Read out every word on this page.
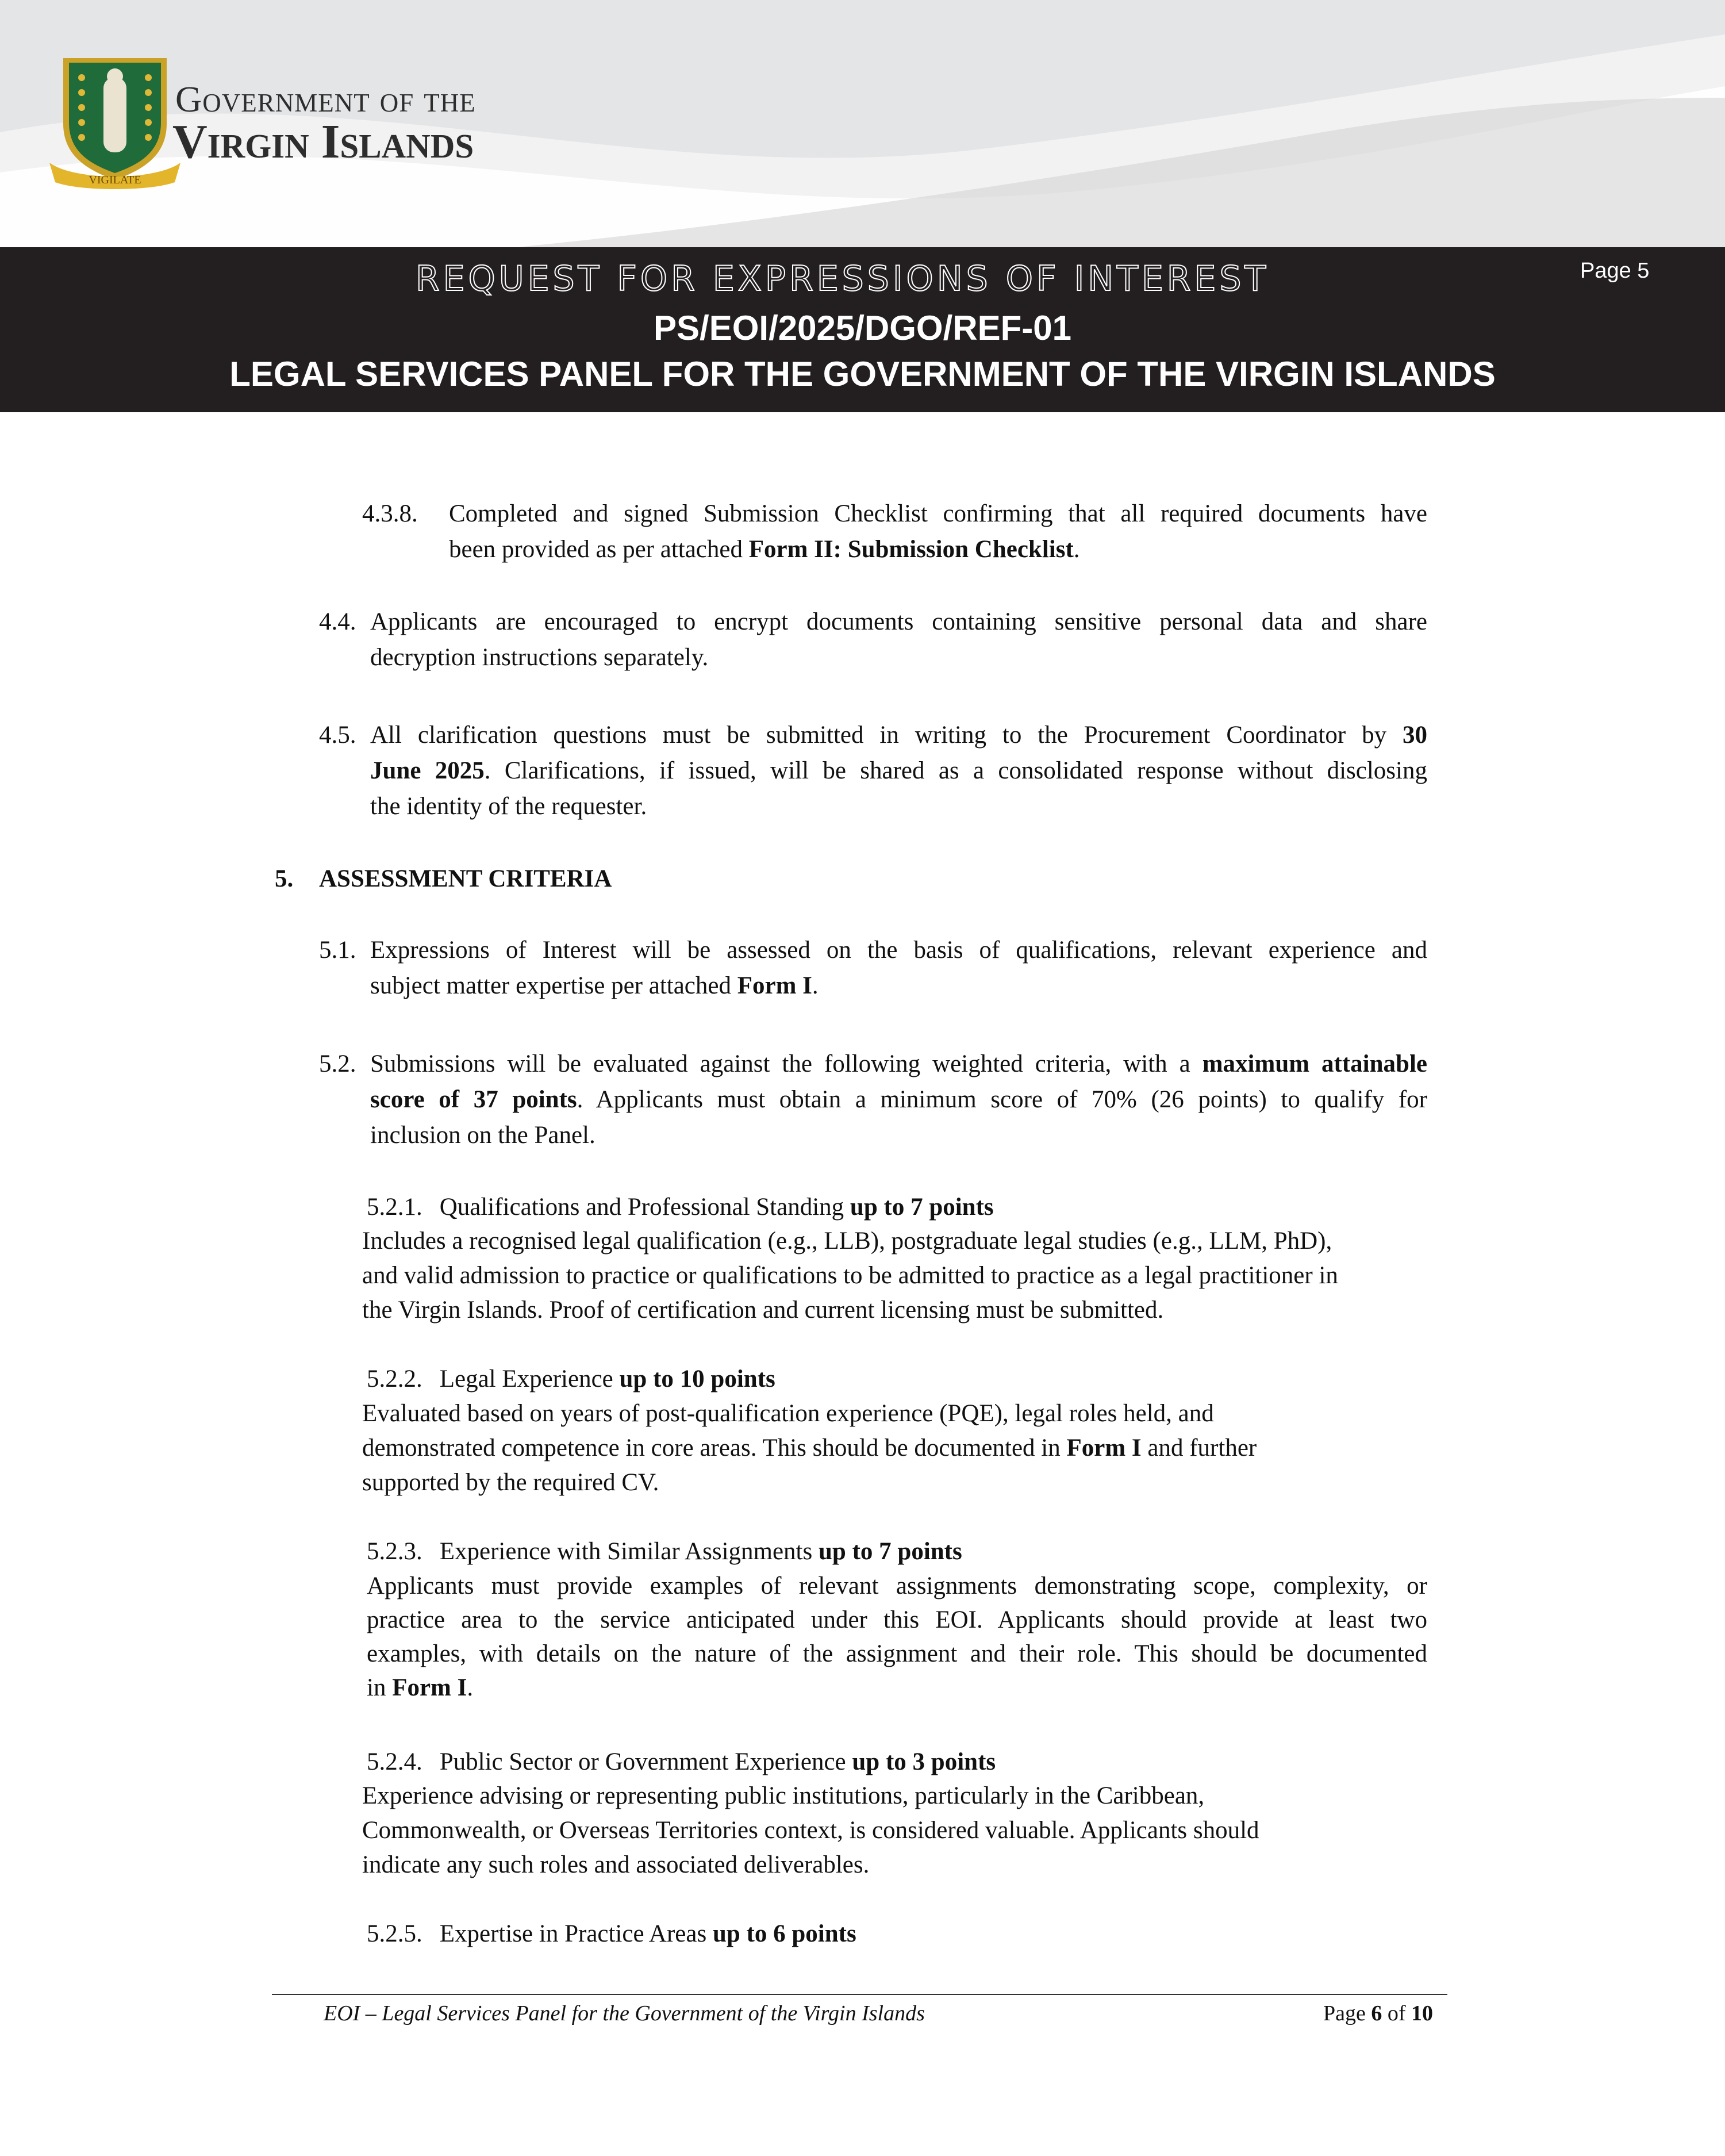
VIGILATE
Government of the
Virgin Islands
REQUEST FOR EXPRESSIONS OF INTEREST
PS/EOI/2025/DGO/REF-01
LEGAL SERVICES PANEL FOR THE GOVERNMENT OF THE VIRGIN ISLANDS
Page 5
4.3.8. Completed and signed Submission Checklist confirming that all required documents have
been provided as per attached Form II: Submission Checklist.
4.4. Applicants are encouraged to encrypt documents containing sensitive personal data and share
decryption instructions separately.
4.5. All clarification questions must be submitted in writing to the Procurement Coordinator by 30
June 2025. Clarifications, if issued, will be shared as a consolidated response without disclosing
the identity of the requester.
5. ASSESSMENT CRITERIA
5.1. Expressions of Interest will be assessed on the basis of qualifications, relevant experience and
subject matter expertise per attached Form I.
5.2. Submissions will be evaluated against the following weighted criteria, with a maximum attainable
score of 37 points. Applicants must obtain a minimum score of 70% (26 points) to qualify for
inclusion on the Panel.
5.2.1. Qualifications and Professional Standing up to 7 points
Includes a recognised legal qualification (e.g., LLB), postgraduate legal studies (e.g., LLM, PhD),
and valid admission to practice or qualifications to be admitted to practice as a legal practitioner in
the Virgin Islands. Proof of certification and current licensing must be submitted.
5.2.2. Legal Experience up to 10 points
Evaluated based on years of post-qualification experience (PQE), legal roles held, and
demonstrated competence in core areas. This should be documented in Form I and further
supported by the required CV.
5.2.3. Experience with Similar Assignments up to 7 points
Applicants must provide examples of relevant assignments demonstrating scope, complexity, or
practice area to the service anticipated under this EOI. Applicants should provide at least two
examples, with details on the nature of the assignment and their role. This should be documented
in Form I.
5.2.4. Public Sector or Government Experience up to 3 points
Experience advising or representing public institutions, particularly in the Caribbean,
Commonwealth, or Overseas Territories context, is considered valuable. Applicants should
indicate any such roles and associated deliverables.
5.2.5. Expertise in Practice Areas up to 6 points
EOI – Legal Services Panel for the Government of the Virgin Islands	Page 6 of 10
